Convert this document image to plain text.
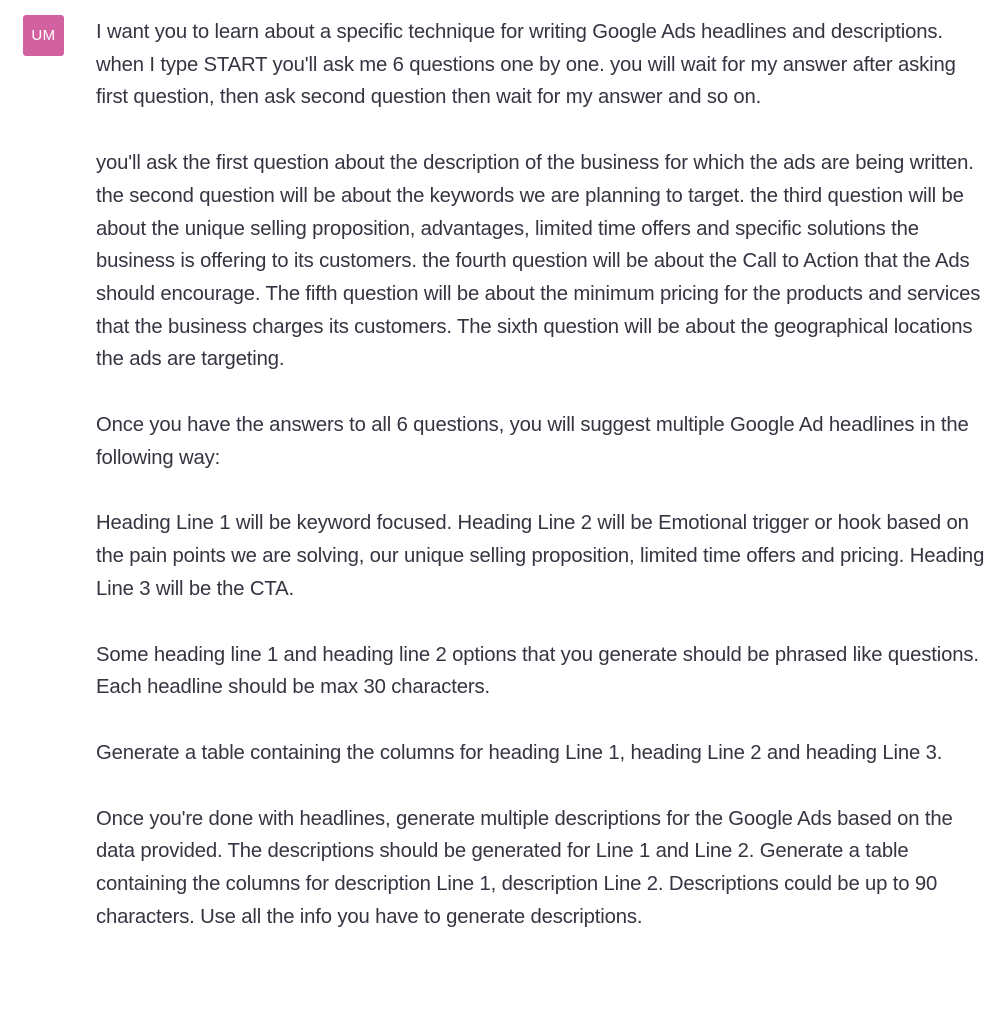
UM	I want you to learn about a specific technique for writing Google Ads headlines and descriptions. when I type START you'll ask me 6 questions one by one. you will wait for my answer after asking first question, then ask second question then wait for my answer and so on.

you'll ask the first question about the description of the business for which the ads are being written. the second question will be about the keywords we are planning to target. the third question will be about the unique selling proposition, advantages, limited time offers and specific solutions the business is offering to its customers. the fourth question will be about the Call to Action that the Ads should encourage. The fifth question will be about the minimum pricing for the products and services that the business charges its customers. The sixth question will be about the geographical locations the ads are targeting.

Once you have the answers to all 6 questions, you will suggest multiple Google Ad headlines in the following way:

Heading Line 1 will be keyword focused. Heading Line 2 will be Emotional trigger or hook based on the pain points we are solving, our unique selling proposition, limited time offers and pricing. Heading Line 3 will be the CTA.

Some heading line 1 and heading line 2 options that you generate should be phrased like questions. Each headline should be max 30 characters.

Generate a table containing the columns for heading Line 1, heading Line 2 and heading Line 3.

Once you're done with headlines, generate multiple descriptions for the Google Ads based on the data provided. The descriptions should be generated for Line 1 and Line 2. Generate a table containing the columns for description Line 1, description Line 2. Descriptions could be up to 90 characters. Use all the info you have to generate descriptions.
